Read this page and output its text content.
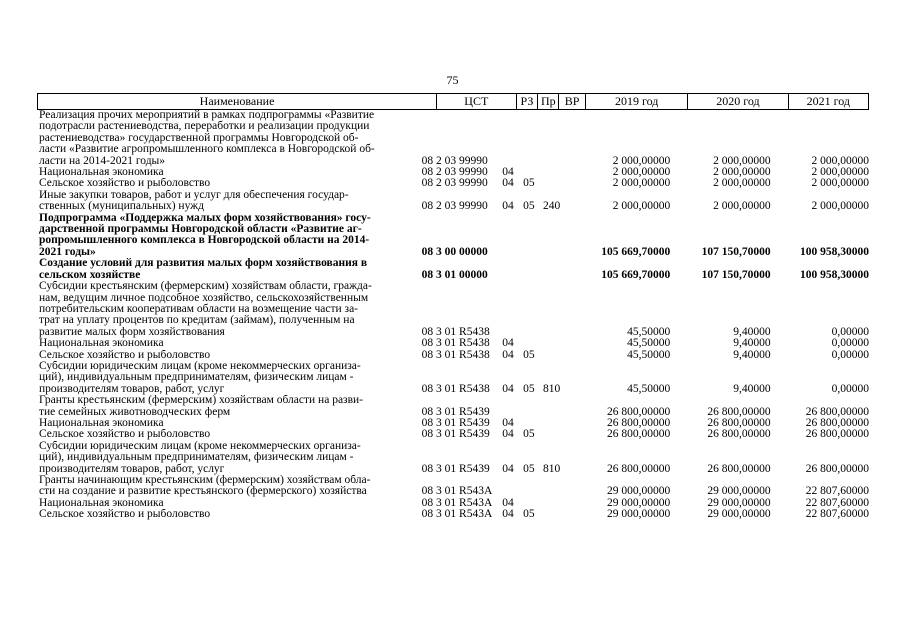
75
Наименование	ЦСТ	РЗ Пр ВР	2019 год	2020 год	2021 год
Реализация прочих мероприятий в рамках подпрограммы «Развитие
подотрасли растениеводства, переработки и реализации продукции
растениеводства» государственной программы Новгородской об-
ласти «Развитие агропромышленного комплекса в Новгородской об-
ласти на 2014-2021 годы»	08 2 03 99990	2 000,00000	2 000,00000	2 000,00000
Национальная экономика	08 2 03 99990	04	2 000,00000	2 000,00000	2 000,00000
Сельское хозяйство и рыболовство	08 2 03 99990	04 05	2 000,00000	2 000,00000	2 000,00000
Иные закупки товаров, работ и услуг для обеспечения государ-
ственных (муниципальных) нужд	08 2 03 99990	04 05 240	2 000,00000	2 000,00000	2 000,00000
Подпрограмма «Поддержка малых форм хозяйствования» госу-
дарственной программы Новгородской области «Развитие аг-
ропромышленного комплекса в Новгородской области на 2014-
2021 годы»	08 3 00 00000	105 669,70000	107 150,70000	100 958,30000
Создание условий для развития малых форм хозяйствования в
сельском хозяйстве	08 3 01 00000	105 669,70000	107 150,70000	100 958,30000
Субсидии крестьянским (фермерским) хозяйствам области, гражда-
нам, ведущим личное подсобное хозяйство, сельскохозяйственным
потребительским кооперативам области на возмещение части за-
трат на уплату процентов по кредитам (займам), полученным на
развитие малых форм хозяйствования	08 3 01 R5438	45,50000	9,40000	0,00000
Национальная экономика	08 3 01 R5438	04	45,50000	9,40000	0,00000
Сельское хозяйство и рыболовство	08 3 01 R5438	04 05	45,50000	9,40000	0,00000
Субсидии юридическим лицам (кроме некоммерческих организа-
ций), индивидуальным предпринимателям, физическим лицам -
производителям товаров, работ, услуг	08 3 01 R5438	04 05 810	45,50000	9,40000	0,00000
Гранты крестьянским (фермерским) хозяйствам области на разви-
тие семейных животноводческих ферм	08 3 01 R5439	26 800,00000	26 800,00000	26 800,00000
Национальная экономика	08 3 01 R5439	04	26 800,00000	26 800,00000	26 800,00000
Сельское хозяйство и рыболовство	08 3 01 R5439	04 05	26 800,00000	26 800,00000	26 800,00000
Субсидии юридическим лицам (кроме некоммерческих организа-
ций), индивидуальным предпринимателям, физическим лицам -
производителям товаров, работ, услуг	08 3 01 R5439	04 05 810	26 800,00000	26 800,00000	26 800,00000
Гранты начинающим крестьянским (фермерским) хозяйствам обла-
сти на создание и развитие крестьянского (фермерского) хозяйства	08 3 01 R543A	29 000,00000	29 000,00000	22 807,60000
Национальная экономика	08 3 01 R543A 04	29 000,00000	29 000,00000	22 807,60000
Сельское хозяйство и рыболовство	08 3 01 R543A 04 05	29 000,00000	29 000,00000	22 807,60000
